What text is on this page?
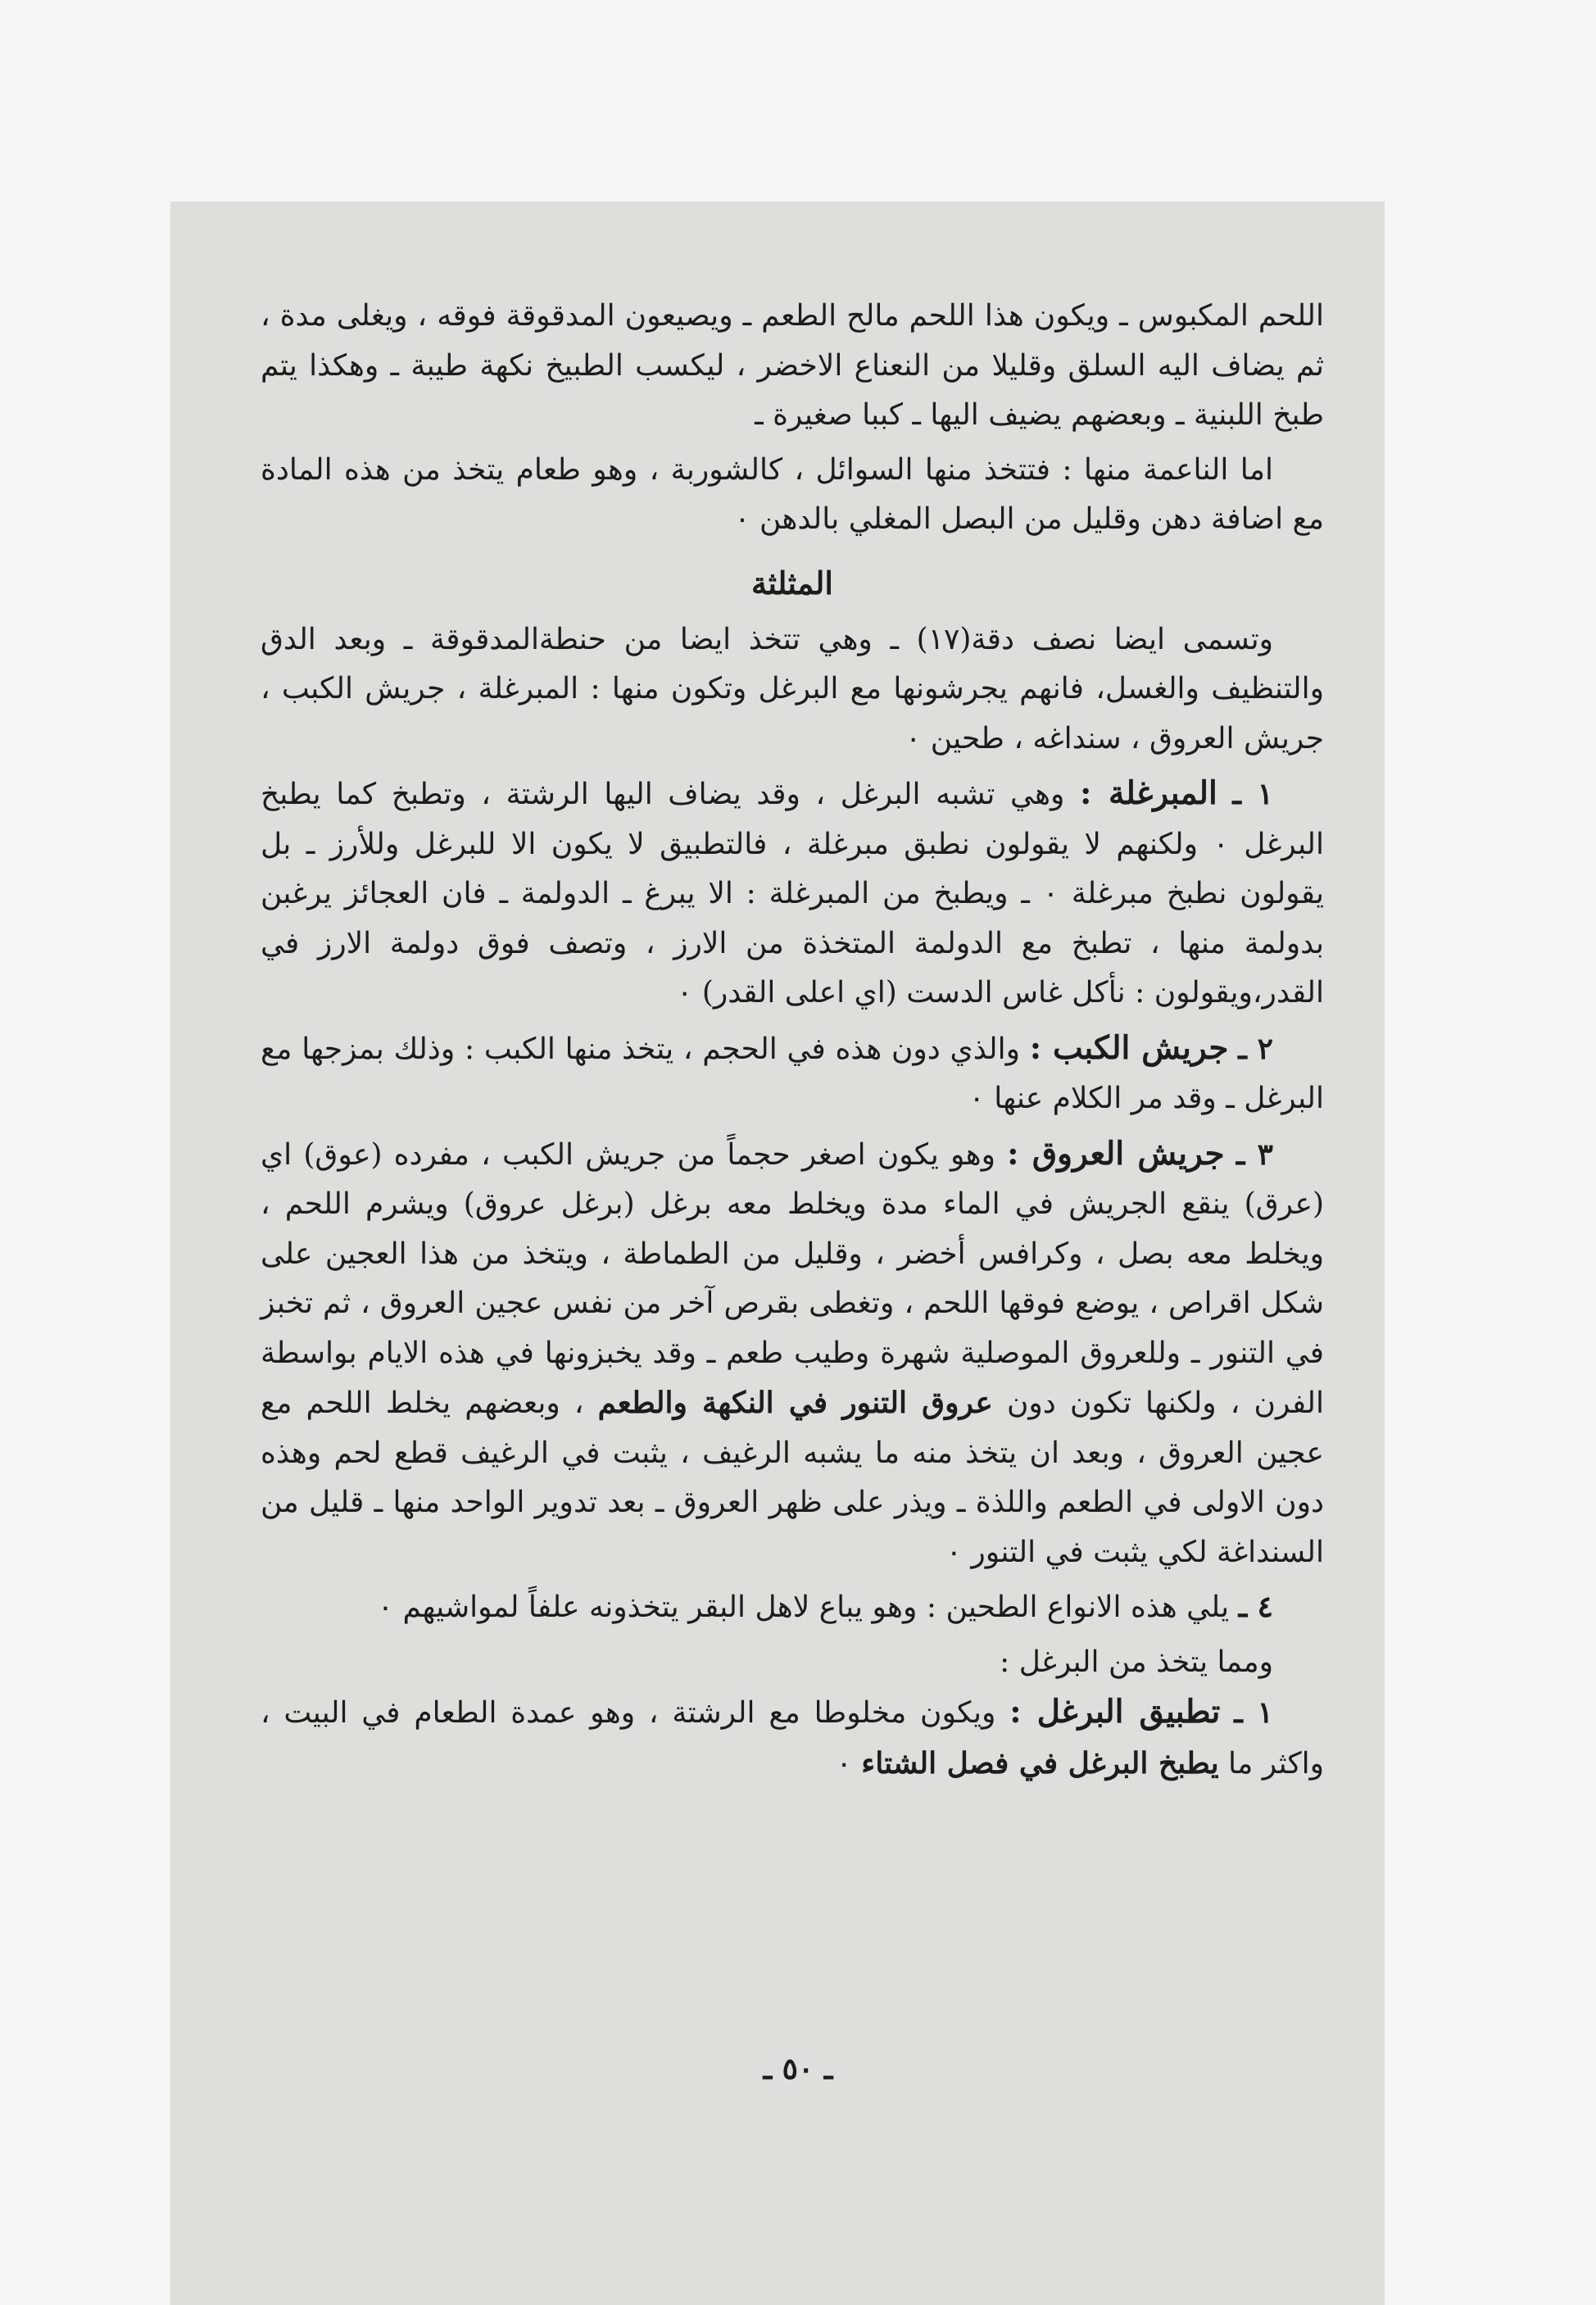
اللحم المكبوس ـ ويكون هذا اللحم مالح الطعم ـ ويصيعون المدقوقة فوقه ، ويغلى مدة ، ثم يضاف اليه السلق وقليلا من النعناع الاخضر ، ليكسب الطبيخ نكهة طيبة ـ وهكذا يتم طبخ اللبنية ـ وبعضهم يضيف اليها ـ كببا صغيرة ـ

اما الناعمة منها : فتتخذ منها السوائل ، كالشوربة ، وهو طعام يتخذ من هذه المادة مع اضافة دهن وقليل من البصل المغلي بالدهن ٠

المثلثة

وتسمى ايضا نصف دقة(١٧) ـ وهي تتخذ ايضا من حنطةالمدقوقة ـ وبعد الدق والتنظيف والغسل، فانهم يجرشونها مع البرغل وتكون منها : المبرغلة ، جريش الكبب ، جريش العروق ، سنداغه ، طحين ٠

١ ـ المبرغلة : وهي تشبه البرغل ، وقد يضاف اليها الرشتة ، وتطبخ كما يطبخ البرغل ٠ ولكنهم لا يقولون نطبق مبرغلة ، فالتطبيق لا يكون الا للبرغل وللأرز ـ بل يقولون نطبخ مبرغلة ٠ ـ ويطبخ من المبرغلة : الا يبرغ ـ الدولمة ـ فان العجائز يرغبن بدولمة منها ، تطبخ مع الدولمة المتخذة من الارز ، وتصف فوق دولمة الارز في القدر،ويقولون : نأكل غاس الدست (اي اعلى القدر) ٠

٢ ـ جريش الكبب : والذي دون هذه في الحجم ، يتخذ منها الكبب : وذلك بمزجها مع البرغل ـ وقد مر الكلام عنها ٠

٣ ـ جريش العروق : وهو يكون اصغر حجماً من جريش الكبب ، مفرده (عوق) اي (عرق) ينقع الجريش في الماء مدة ويخلط معه برغل (برغل عروق) ويشرم اللحم ، ويخلط معه بصل ، وكرافس أخضر ، وقليل من الطماطة ، ويتخذ من هذا العجين على شكل اقراص ، يوضع فوقها اللحم ، وتغطى بقرص آخر من نفس عجين العروق ، ثم تخبز في التنور ـ وللعروق الموصلية شهرة وطيب طعم ـ وقد يخبزونها في هذه الايام بواسطة الفرن ، ولكنها تكون دون عروق التنور في النكهة والطعم ، وبعضهم يخلط اللحم مع عجين العروق ، وبعد ان يتخذ منه ما يشبه الرغيف ، يثبت في الرغيف قطع لحم وهذه دون الاولى في الطعم واللذة ـ ويذر على ظهر العروق ـ بعد تدوير الواحد منها ـ قليل من السنداغة لكي يثبت في التنور ٠

٤ ـ يلي هذه الانواع الطحين : وهو يباع لاهل البقر يتخذونه علفاً لمواشيهم ٠

ومما يتخذ من البرغل :

١ ـ تطبيق البرغل : ويكون مخلوطا مع الرشتة ، وهو عمدة الطعام في البيت ، واكثر ما يطبخ البرغل في فصل الشتاء ٠

ـ ٥٠ ـ
